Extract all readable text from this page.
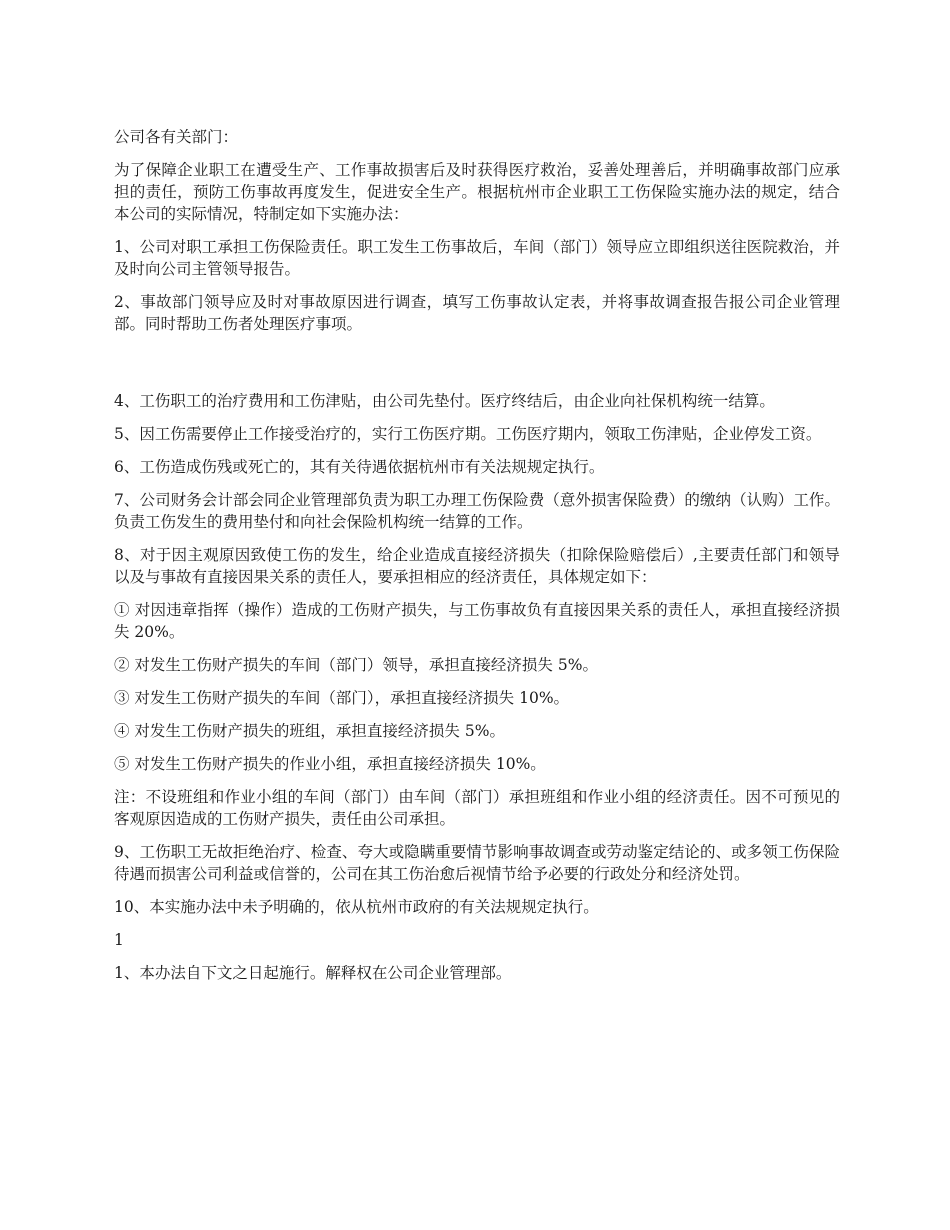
公司各有关部门：

为了保障企业职工在遭受生产、工作事故损害后及时获得医疗救治，妥善处理善后，并明确事故部门应承担的责任，预防工伤事故再度发生，促进安全生产。根据杭州市企业职工工伤保险实施办法的规定，结合本公司的实际情况，特制定如下实施办法：

1、公司对职工承担工伤保险责任。职工发生工伤事故后，车间（部门）领导应立即组织送往医院救治，并及时向公司主管领导报告。

2、事故部门领导应及时对事故原因进行调查，填写工伤事故认定表，并将事故调查报告报公司企业管理部。同时帮助工伤者处理医疗事项。

4、工伤职工的治疗费用和工伤津贴，由公司先垫付。医疗终结后，由企业向社保机构统一结算。

5、因工伤需要停止工作接受治疗的，实行工伤医疗期。工伤医疗期内，领取工伤津贴，企业停发工资。

6、工伤造成伤残或死亡的，其有关待遇依据杭州市有关法规规定执行。

7、公司财务会计部会同企业管理部负责为职工办理工伤保险费（意外损害保险费）的缴纳（认购）工作。负责工伤发生的费用垫付和向社会保险机构统一结算的工作。

8、对于因主观原因致使工伤的发生，给企业造成直接经济损失（扣除保险赔偿后）,主要责任部门和领导以及与事故有直接因果关系的责任人，要承担相应的经济责任，具体规定如下：

① 对因违章指挥（操作）造成的工伤财产损失，与工伤事故负有直接因果关系的责任人，承担直接经济损失 20%。

② 对发生工伤财产损失的车间（部门）领导，承担直接经济损失 5%。

③ 对发生工伤财产损失的车间（部门），承担直接经济损失 10%。

④ 对发生工伤财产损失的班组，承担直接经济损失 5%。

⑤ 对发生工伤财产损失的作业小组，承担直接经济损失 10%。

注：不设班组和作业小组的车间（部门）由车间（部门）承担班组和作业小组的经济责任。因不可预见的客观原因造成的工伤财产损失，责任由公司承担。

9、工伤职工无故拒绝治疗、检查、夸大或隐瞒重要情节影响事故调查或劳动鉴定结论的、或多领工伤保险待遇而损害公司利益或信誉的，公司在其工伤治愈后视情节给予必要的行政处分和经济处罚。

10、本实施办法中未予明确的，依从杭州市政府的有关法规规定执行。

1

1、本办法自下文之日起施行。解释权在公司企业管理部。
